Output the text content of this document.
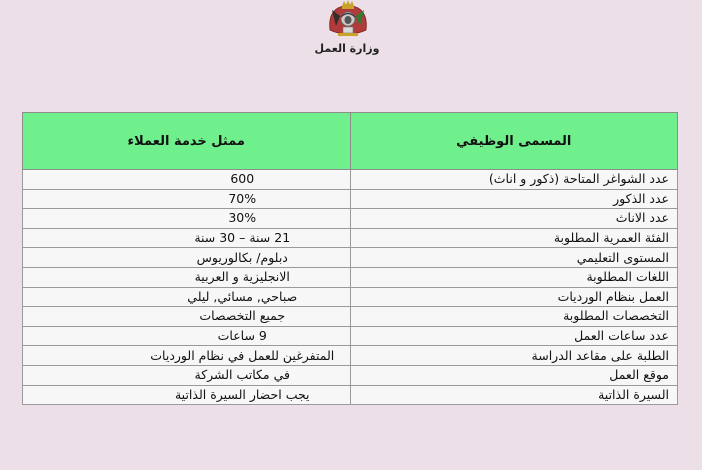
وزارة العمل
المسمى الوظيفي	ممثل خدمة العملاء
عدد الشواغر المتاحة (ذكور و اناث)	600
عدد الذكور	70%
عدد الاناث	30%
الفئة العمرية المطلوبة	21 سنة – 30 سنة
المستوى التعليمي	دبلوم/ بكالوريوس
اللغات المطلوبة	الانجليزية و العربية
العمل بنظام الورديات	صباحي, مسائي, ليلي
التخصصات المطلوبة	جميع التخصصات
عدد ساعات العمل	9 ساعات
الطلبة على مقاعد الدراسة	المتفرغين للعمل في نظام الورديات
موقع العمل	في مكاتب الشركة
السيرة الذاتية	يجب احضار السيرة الذاتية
